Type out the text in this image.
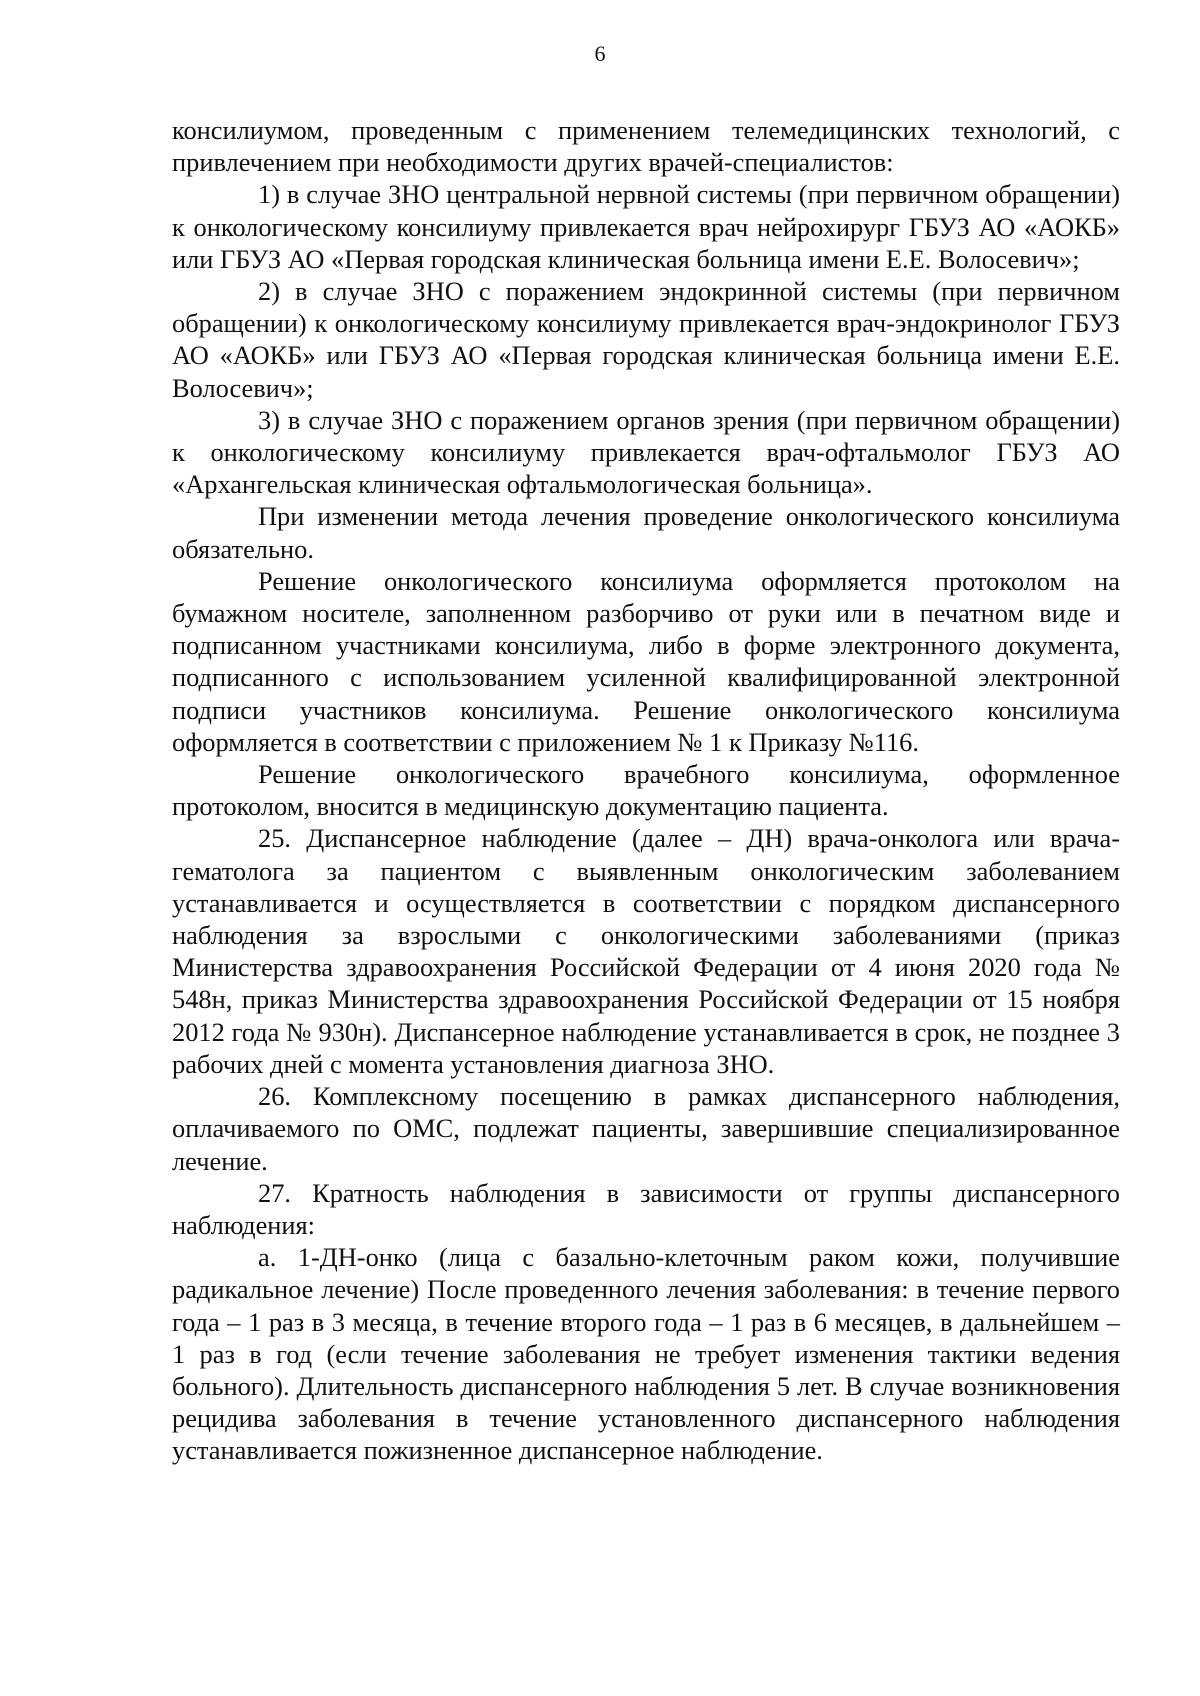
6

консилиумом, проведенным с применением телемедицинских технологий, с привлечением при необходимости других врачей-специалистов:

1) в случае ЗНО центральной нервной системы (при первичном обращении) к онкологическому консилиуму привлекается врач нейрохирург ГБУЗ АО «АОКБ» или ГБУЗ АО «Первая городская клиническая больница имени Е.Е. Волосевич»;

2) в случае ЗНО с поражением эндокринной системы (при первичном обращении) к онкологическому консилиуму привлекается врач-эндокринолог ГБУЗ АО «АОКБ» или ГБУЗ АО «Первая городская клиническая больница имени Е.Е. Волосевич»;

3) в случае ЗНО с поражением органов зрения (при первичном обращении) к онкологическому консилиуму привлекается врач-офтальмолог ГБУЗ АО «Архангельская клиническая офтальмологическая больница».

При изменении метода лечения проведение онкологического консилиума обязательно.

Решение онкологического консилиума оформляется протоколом на бумажном носителе, заполненном разборчиво от руки или в печатном виде и подписанном участниками консилиума, либо в форме электронного документа, подписанного с использованием усиленной квалифицированной электронной подписи участников консилиума. Решение онкологического консилиума оформляется в соответствии с приложением № 1 к Приказу №116.

Решение онкологического врачебного консилиума, оформленное протоколом, вносится в медицинскую документацию пациента.

25. Диспансерное наблюдение (далее – ДН) врача-онколога или врача-гематолога за пациентом с выявленным онкологическим заболеванием устанавливается и осуществляется в соответствии с порядком диспансерного наблюдения за взрослыми с онкологическими заболеваниями (приказ Министерства здравоохранения Российской Федерации от 4 июня 2020 года № 548н, приказ Министерства здравоохранения Российской Федерации от 15 ноября 2012 года № 930н). Диспансерное наблюдение устанавливается в срок, не позднее 3 рабочих дней с момента установления диагноза ЗНО.

26. Комплексному посещению в рамках диспансерного наблюдения, оплачиваемого по ОМС, подлежат пациенты, завершившие специализированное лечение.

27. Кратность наблюдения в зависимости от группы диспансерного наблюдения:

а. 1-ДН-онко (лица с базально-клеточным раком кожи, получившие радикальное лечение) После проведенного лечения заболевания: в течение первого года – 1 раз в 3 месяца, в течение второго года – 1 раз в 6 месяцев, в дальнейшем – 1 раз в год (если течение заболевания не требует изменения тактики ведения больного). Длительность диспансерного наблюдения 5 лет. В случае возникновения рецидива заболевания в течение установленного диспансерного наблюдения устанавливается пожизненное диспансерное наблюдение.
